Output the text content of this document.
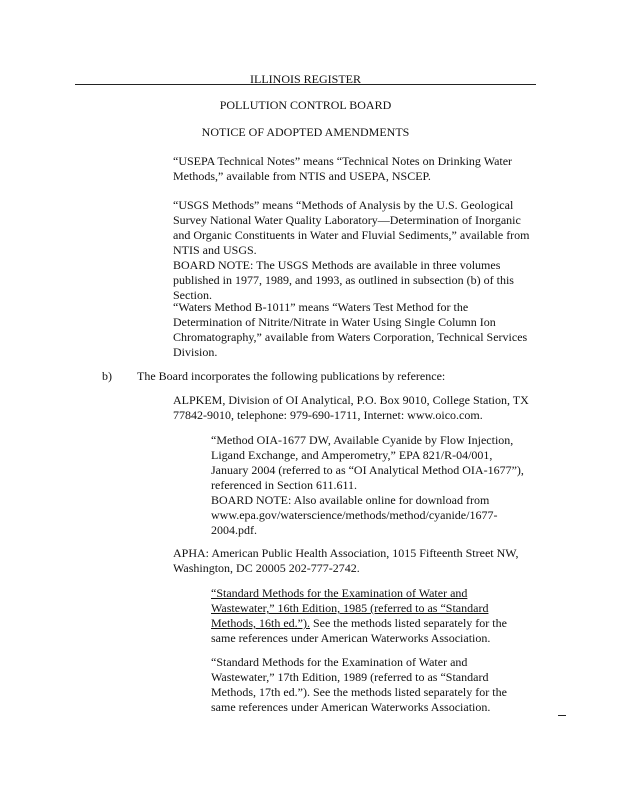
ILLINOIS REGISTER
POLLUTION CONTROL BOARD
NOTICE OF ADOPTED AMENDMENTS
“USEPA Technical Notes” means “Technical Notes on Drinking Water
Methods,” available from NTIS and USEPA, NSCEP.
“USGS Methods” means “Methods of Analysis by the U.S. Geological
Survey National Water Quality Laboratory—Determination of Inorganic
and Organic Constituents in Water and Fluvial Sediments,” available from
NTIS and USGS.
BOARD NOTE: The USGS Methods are available in three volumes
published in 1977, 1989, and 1993, as outlined in subsection (b) of this
Section.
“Waters Method B-1011” means “Waters Test Method for the
Determination of Nitrite/Nitrate in Water Using Single Column Ion
Chromatography,” available from Waters Corporation, Technical Services
Division.
b) The Board incorporates the following publications by reference:
ALPKEM, Division of OI Analytical, P.O. Box 9010, College Station, TX
77842-9010, telephone: 979-690-1711, Internet: www.oico.com.
“Method OIA-1677 DW, Available Cyanide by Flow Injection,
Ligand Exchange, and Amperometry,” EPA 821/R-04/001,
January 2004 (referred to as “OI Analytical Method OIA-1677”),
referenced in Section 611.611.
BOARD NOTE: Also available online for download from
www.epa.gov/waterscience/methods/method/cyanide/1677-
2004.pdf.
APHA: American Public Health Association, 1015 Fifteenth Street NW,
Washington, DC 20005 202-777-2742.
“Standard Methods for the Examination of Water and
Wastewater,” 16th Edition, 1985 (referred to as “Standard
Methods, 16th ed.”). See the methods listed separately for the
same references under American Waterworks Association.
“Standard Methods for the Examination of Water and
Wastewater,” 17th Edition, 1989 (referred to as “Standard
Methods, 17th ed.”). See the methods listed separately for the
same references under American Waterworks Association.
